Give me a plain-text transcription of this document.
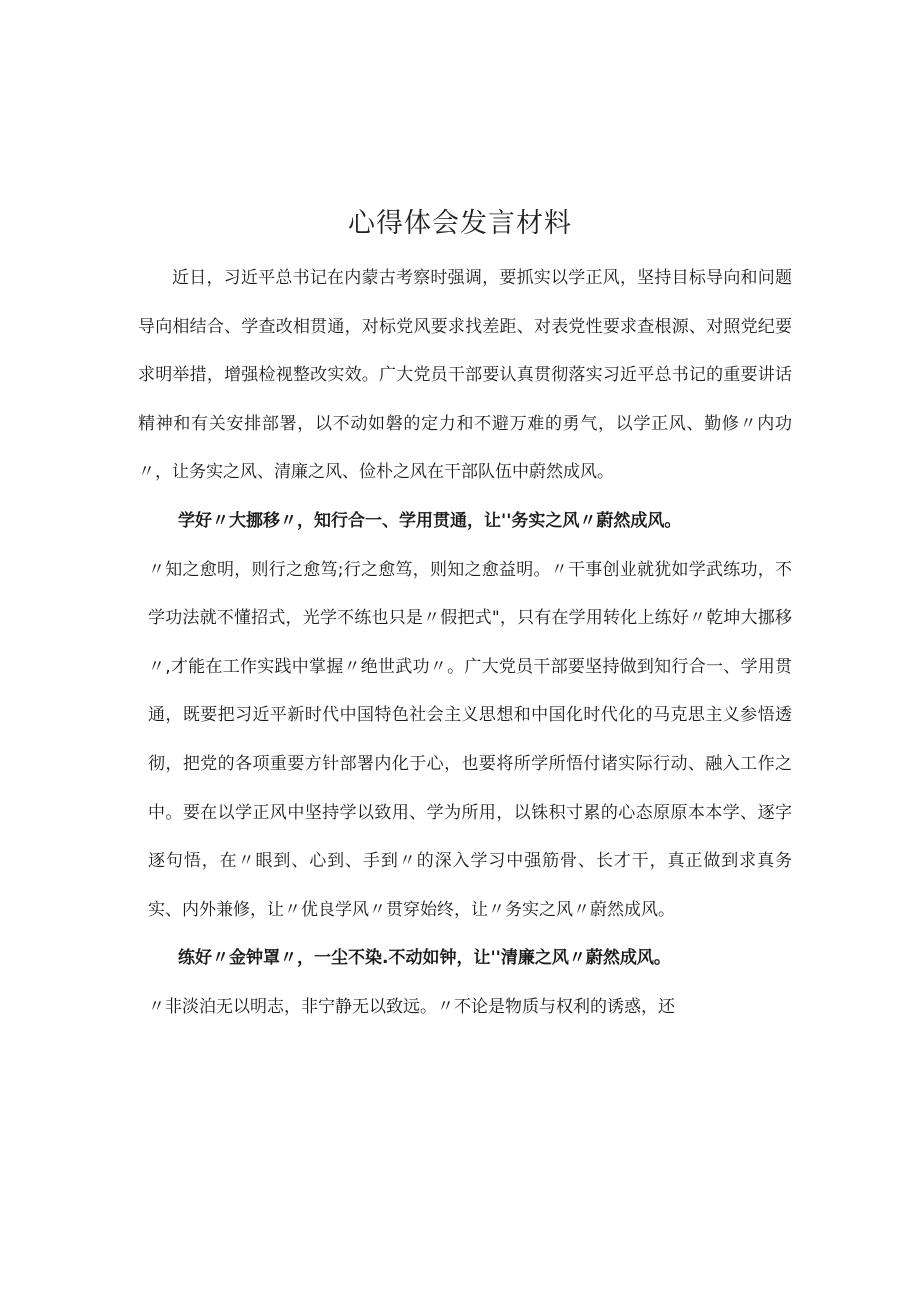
心得体会发言材料

近日，习近平总书记在内蒙古考察时强调，要抓实以学正风，坚持目标导向和问题导向相结合、学查改相贯通，对标党风要求找差距、对表党性要求查根源、对照党纪要求明举措，增强检视整改实效。广大党员干部要认真贯彻落实习近平总书记的重要讲话精神和有关安排部署，以不动如磐的定力和不避万难的勇气，以学正风、勤修〃内功〃，让务实之风、清廉之风、俭朴之风在干部队伍中蔚然成风。

学好〃大挪移〃，知行合一、学用贯通，让''务实之风〃蔚然成风。

〃知之愈明，则行之愈笃;行之愈笃，则知之愈益明。〃干事创业就犹如学武练功，不学功法就不懂招式，光学不练也只是〃假把式"，只有在学用转化上练好〃乾坤大挪移〃,才能在工作实践中掌握〃绝世武功〃。广大党员干部要坚持做到知行合一、学用贯通，既要把习近平新时代中国特色社会主义思想和中国化时代化的马克思主义参悟透彻，把党的各项重要方针部署内化于心，也要将所学所悟付诸实际行动、融入工作之中。要在以学正风中坚持学以致用、学为所用，以铢积寸累的心态原原本本学、逐字逐句悟，在〃眼到、心到、手到〃的深入学习中强筋骨、长才干，真正做到求真务实、内外兼修，让〃优良学风〃贯穿始终，让〃务实之风〃蔚然成风。

练好〃金钟罩〃，一尘不染.不动如钟，让''清廉之风〃蔚然成风。

〃非淡泊无以明志，非宁静无以致远。〃不论是物质与权利的诱惑，还
